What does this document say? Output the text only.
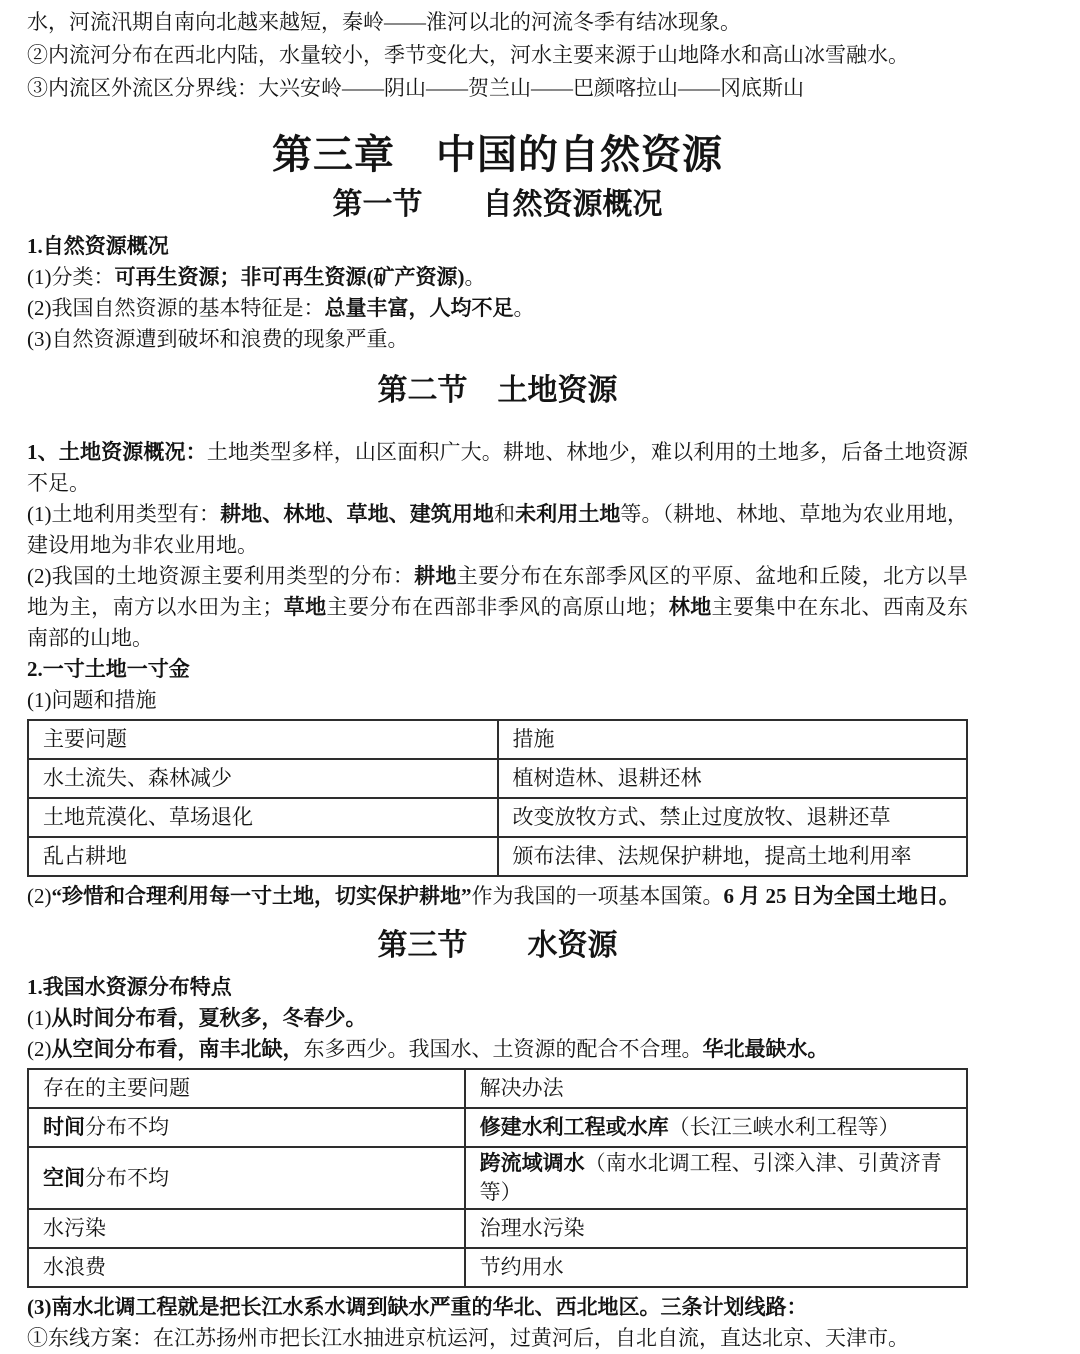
水，河流汛期自南向北越来越短，秦岭——淮河以北的河流冬季有结冰现象。

②内流河分布在西北内陆，水量较小，季节变化大，河水主要来源于山地降水和高山冰雪融水。

③内流区外流区分界线：大兴安岭——阴山——贺兰山——巴颜喀拉山——冈底斯山

第三章　中国的自然资源
第一节　　自然资源概况

1.自然资源概况

(1)分类：可再生资源；非可再生资源(矿产资源)。

(2)我国自然资源的基本特征是：总量丰富，人均不足。

(3)自然资源遭到破坏和浪费的现象严重。

第二节　土地资源

1、土地资源概况：土地类型多样，山区面积广大。耕地、林地少，难以利用的土地多，后备土地资源不足。

(1)土地利用类型有：耕地、林地、草地、建筑用地和未利用土地等。（耕地、林地、草地为农业用地，建设用地为非农业用地。

(2)我国的土地资源主要利用类型的分布：耕地主要分布在东部季风区的平原、盆地和丘陵，北方以旱地为主，南方以水田为主；草地主要分布在西部非季风的高原山地；林地主要集中在东北、西南及东南部的山地。

2.一寸土地一寸金

(1)问题和措施

主要问题	措施
水土流失、森林减少	植树造林、退耕还林
土地荒漠化、草场退化	改变放牧方式、禁止过度放牧、退耕还草
乱占耕地	颁布法律、法规保护耕地，提高土地利用率

(2)“珍惜和合理利用每一寸土地，切实保护耕地”作为我国的一项基本国策。6 月 25 日为全国土地日。

第三节　　水资源

1.我国水资源分布特点

(1)从时间分布看，夏秋多，冬春少。

(2)从空间分布看，南丰北缺，东多西少。我国水、土资源的配合不合理。华北最缺水。

存在的主要问题	解决办法
时间分布不均	修建水利工程或水库（长江三峡水利工程等）
空间分布不均	跨流域调水（南水北调工程、引滦入津、引黄济青等）
水污染	治理水污染
水浪费	节约用水

(3)南水北调工程就是把长江水系水调到缺水严重的华北、西北地区。三条计划线路：

①东线方案：在江苏扬州市把长江水抽进京杭运河，过黄河后，自北自流，直达北京、天津市。
